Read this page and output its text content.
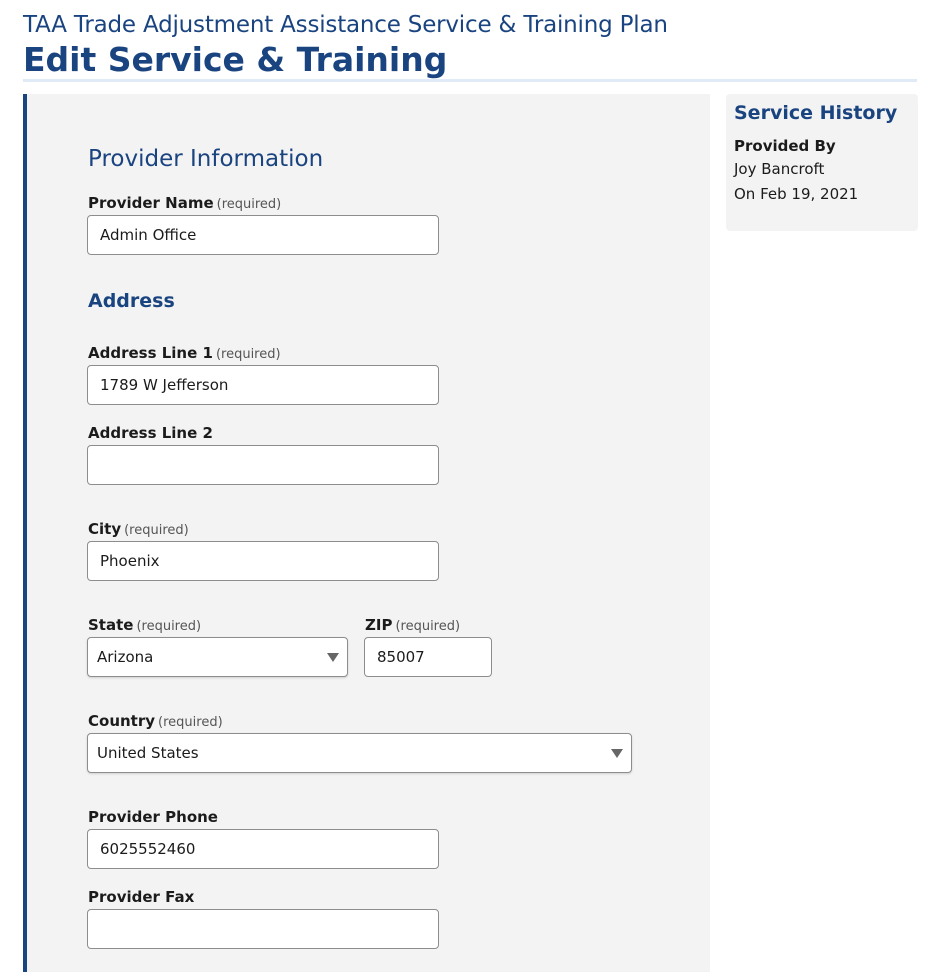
TAA Trade Adjustment Assistance Service & Training Plan
Edit Service & Training
Provider Information
Provider Name (required)
Admin Office
Address
Address Line 1 (required)
1789 W Jefferson
Address Line 2
City (required)
Phoenix
State (required)
Arizona
ZIP (required)
85007
Country (required)
United States
Provider Phone
6025552460
Provider Fax
Service History
Provided By
Joy Bancroft
On Feb 19, 2021
